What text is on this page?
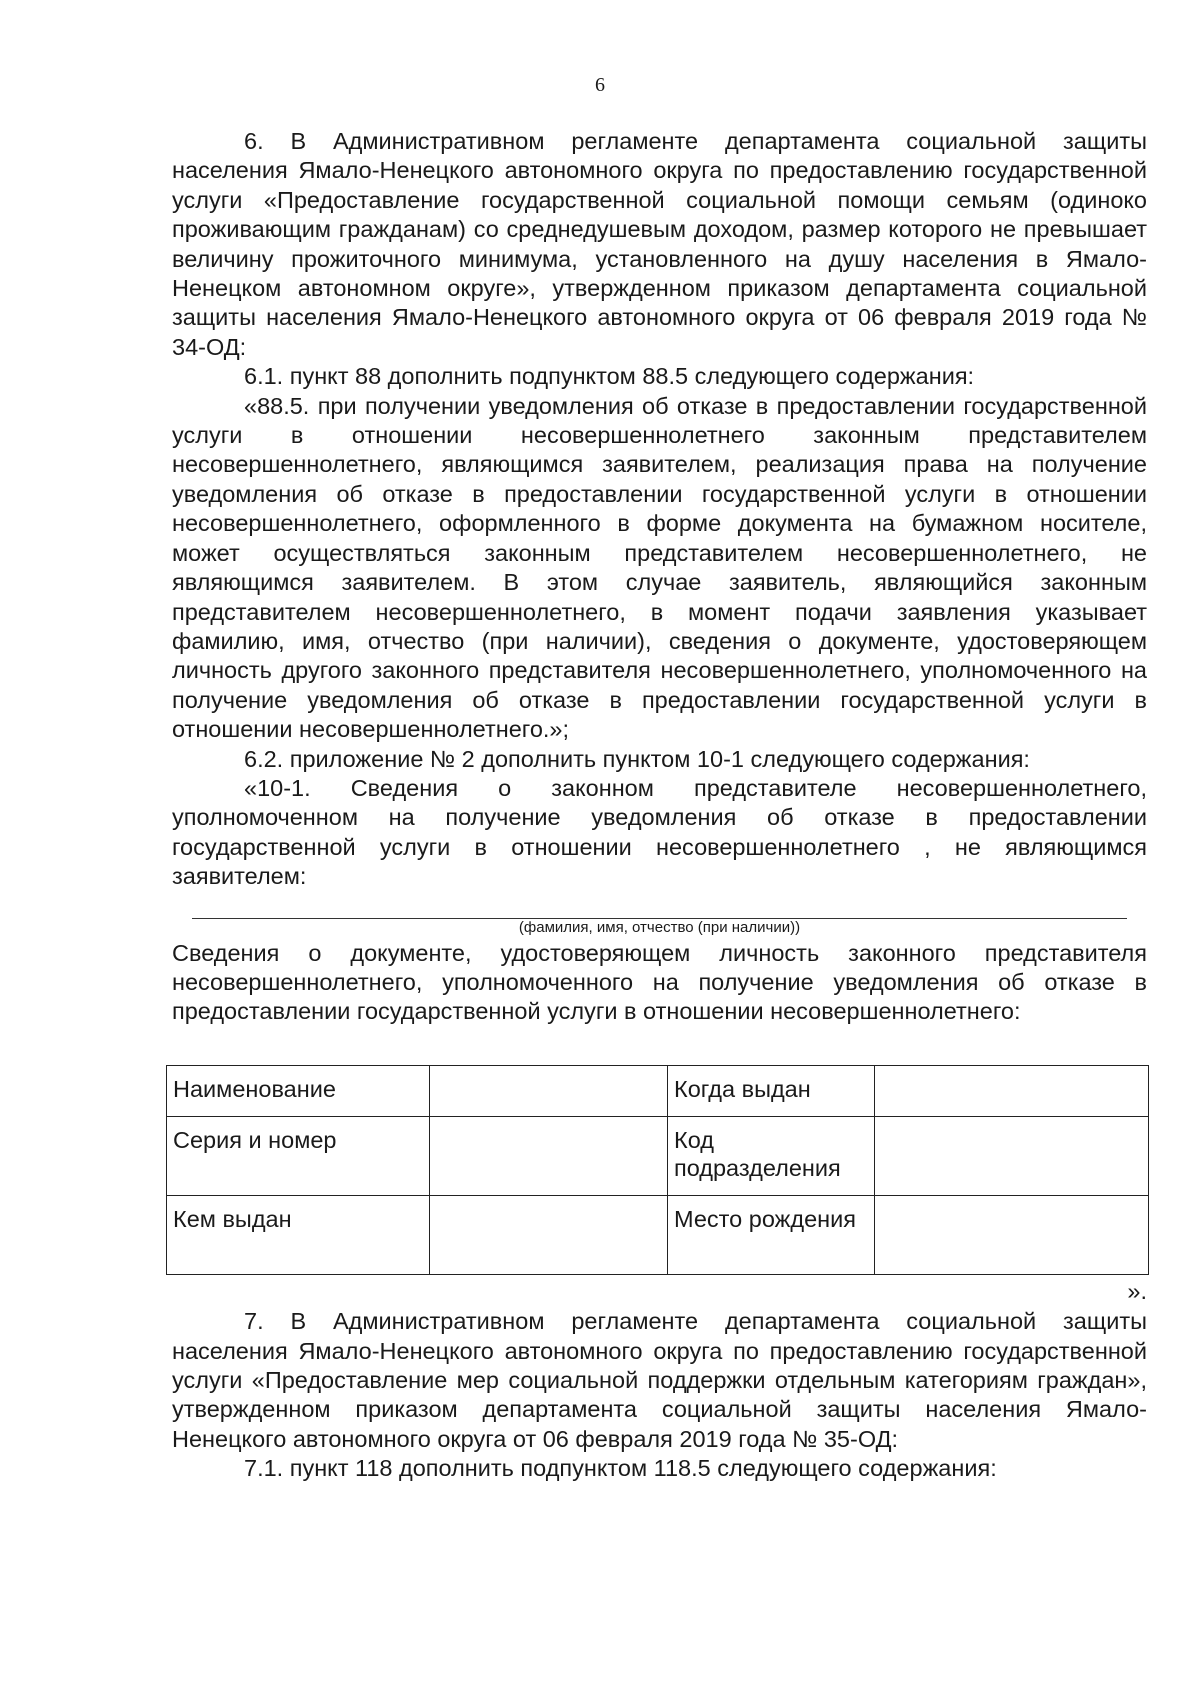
6

6. В Административном регламенте департамента социальной защиты населения Ямало-Ненецкого автономного округа по предоставлению государственной услуги «Предоставление государственной социальной помощи семьям (одиноко проживающим гражданам) со среднедушевым доходом, размер которого не превышает величину прожиточного минимума, установленного на душу населения в Ямало-Ненецком автономном округе», утвержденном приказом департамента социальной защиты населения Ямало-Ненецкого автономного округа от 06 февраля 2019 года № 34-ОД:

6.1. пункт 88 дополнить подпунктом 88.5 следующего содержания:

«88.5. при получении уведомления об отказе в предоставлении государственной услуги в отношении несовершеннолетнего законным представителем несовершеннолетнего, являющимся заявителем, реализация права на получение уведомления об отказе в предоставлении государственной услуги в отношении несовершеннолетнего, оформленного в форме документа на бумажном носителе, может осуществляться законным представителем несовершеннолетнего, не являющимся заявителем. В этом случае заявитель, являющийся законным представителем несовершеннолетнего, в момент подачи заявления указывает фамилию, имя, отчество (при наличии), сведения о документе, удостоверяющем личность другого законного представителя несовершеннолетнего, уполномоченного на получение уведомления об отказе в предоставлении государственной услуги в отношении несовершеннолетнего.»;

6.2. приложение № 2 дополнить пунктом 10-1 следующего содержания:

«10-1. Сведения о законном представителе несовершеннолетнего, уполномоченном на получение уведомления об отказе в предоставлении государственной услуги в отношении несовершеннолетнего , не являющимся заявителем:

(фамилия, имя, отчество (при наличии))

Сведения о документе, удостоверяющем личность законного представителя несовершеннолетнего, уполномоченного на получение уведомления об отказе в предоставлении государственной услуги в отношении несовершеннолетнего:

Наименование		Когда выдан	
Серия и номер		Код подразделения	
Кем выдан		Место рождения	

».

7. В Административном регламенте департамента социальной защиты населения Ямало-Ненецкого автономного округа по предоставлению государственной услуги «Предоставление мер социальной поддержки отдельным категориям граждан», утвержденном приказом департамента социальной защиты населения Ямало-Ненецкого автономного округа от 06 февраля 2019 года № 35-ОД:

7.1. пункт 118 дополнить подпунктом 118.5 следующего содержания:
